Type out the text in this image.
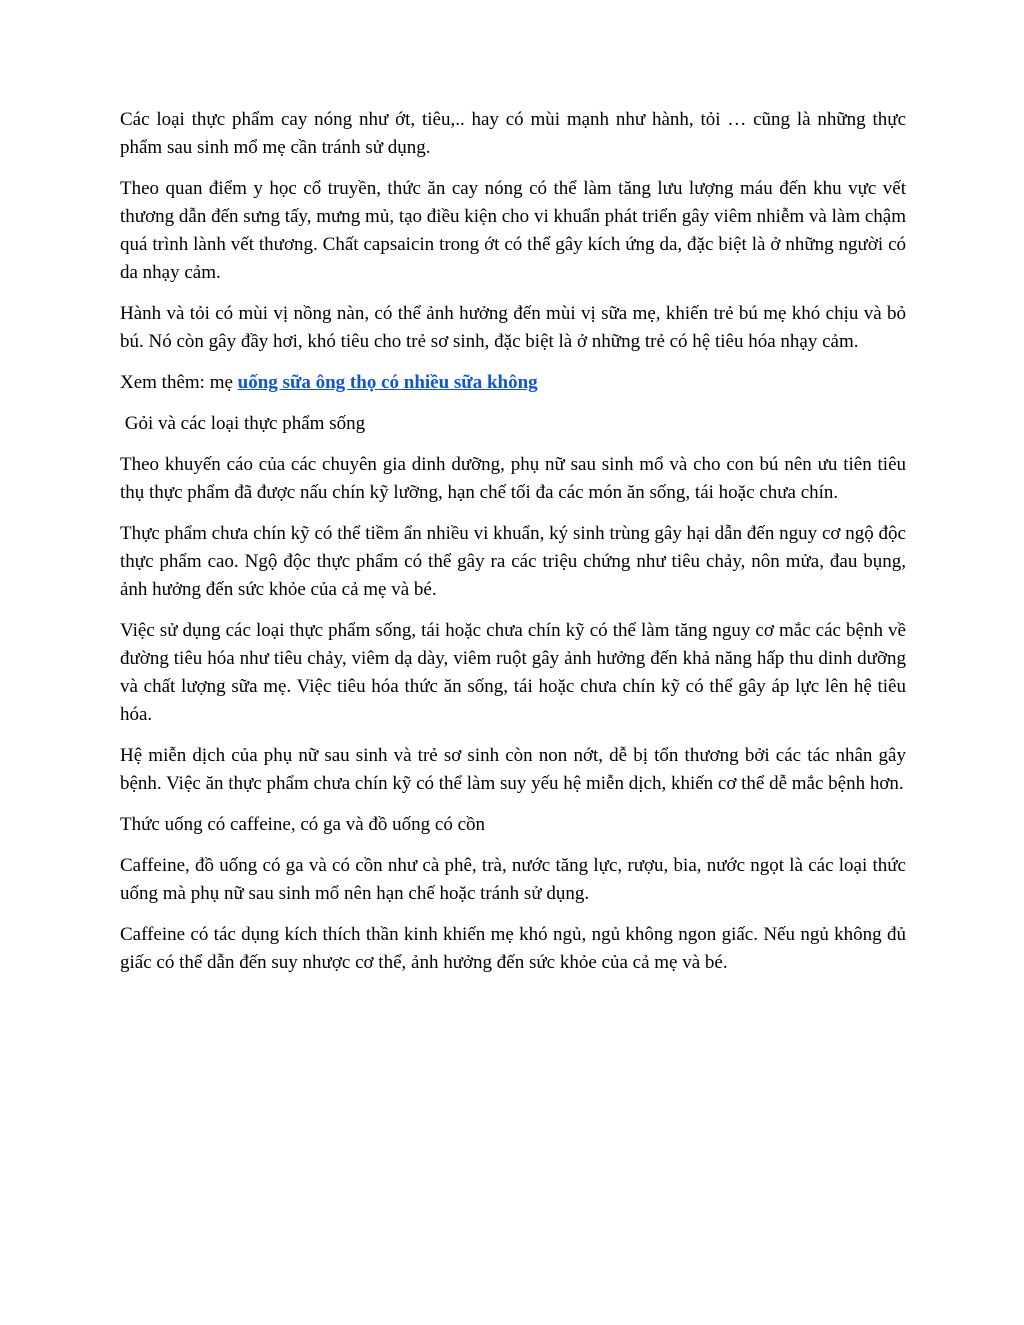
Các loại thực phẩm cay nóng như ớt, tiêu,.. hay có mùi mạnh như hành, tỏi … cũng là những thực phẩm sau sinh mổ mẹ cần tránh sử dụng.

Theo quan điểm y học cổ truyền, thức ăn cay nóng có thể làm tăng lưu lượng máu đến khu vực vết thương dẫn đến sưng tấy, mưng mủ, tạo điều kiện cho vi khuẩn phát triển gây viêm nhiễm và làm chậm quá trình lành vết thương. Chất capsaicin trong ớt có thể gây kích ứng da, đặc biệt là ở những người có da nhạy cảm.

Hành và tỏi có mùi vị nồng nàn, có thể ảnh hưởng đến mùi vị sữa mẹ, khiến trẻ bú mẹ khó chịu và bỏ bú. Nó còn gây đầy hơi, khó tiêu cho trẻ sơ sinh, đặc biệt là ở những trẻ có hệ tiêu hóa nhạy cảm.

Xem thêm: mẹ uống sữa ông thọ có nhiều sữa không

Gỏi và các loại thực phẩm sống

Theo khuyến cáo của các chuyên gia dinh dưỡng, phụ nữ sau sinh mổ và cho con bú nên ưu tiên tiêu thụ thực phẩm đã được nấu chín kỹ lưỡng, hạn chế tối đa các món ăn sống, tái hoặc chưa chín.

Thực phẩm chưa chín kỹ có thể tiềm ẩn nhiều vi khuẩn, ký sinh trùng gây hại dẫn đến nguy cơ ngộ độc thực phẩm cao. Ngộ độc thực phẩm có thể gây ra các triệu chứng như tiêu chảy, nôn mửa, đau bụng, ảnh hưởng đến sức khỏe của cả mẹ và bé.

Việc sử dụng các loại thực phẩm sống, tái hoặc chưa chín kỹ có thể làm tăng nguy cơ mắc các bệnh về đường tiêu hóa như tiêu chảy, viêm dạ dày, viêm ruột gây ảnh hưởng đến khả năng hấp thu dinh dưỡng và chất lượng sữa mẹ. Việc tiêu hóa thức ăn sống, tái hoặc chưa chín kỹ có thể gây áp lực lên hệ tiêu hóa.

Hệ miễn dịch của phụ nữ sau sinh và trẻ sơ sinh còn non nớt, dễ bị tổn thương bởi các tác nhân gây bệnh. Việc ăn thực phẩm chưa chín kỹ có thể làm suy yếu hệ miễn dịch, khiến cơ thể dễ mắc bệnh hơn.

Thức uống có caffeine, có ga và đồ uống có cồn

Caffeine, đồ uống có ga và có cồn như cà phê, trà, nước tăng lực, rượu, bia, nước ngọt là các loại thức uống mà phụ nữ sau sinh mổ nên hạn chế hoặc tránh sử dụng.

Caffeine có tác dụng kích thích thần kinh khiến mẹ khó ngủ, ngủ không ngon giấc. Nếu ngủ không đủ giấc có thể dẫn đến suy nhược cơ thể, ảnh hưởng đến sức khỏe của cả mẹ và bé.
